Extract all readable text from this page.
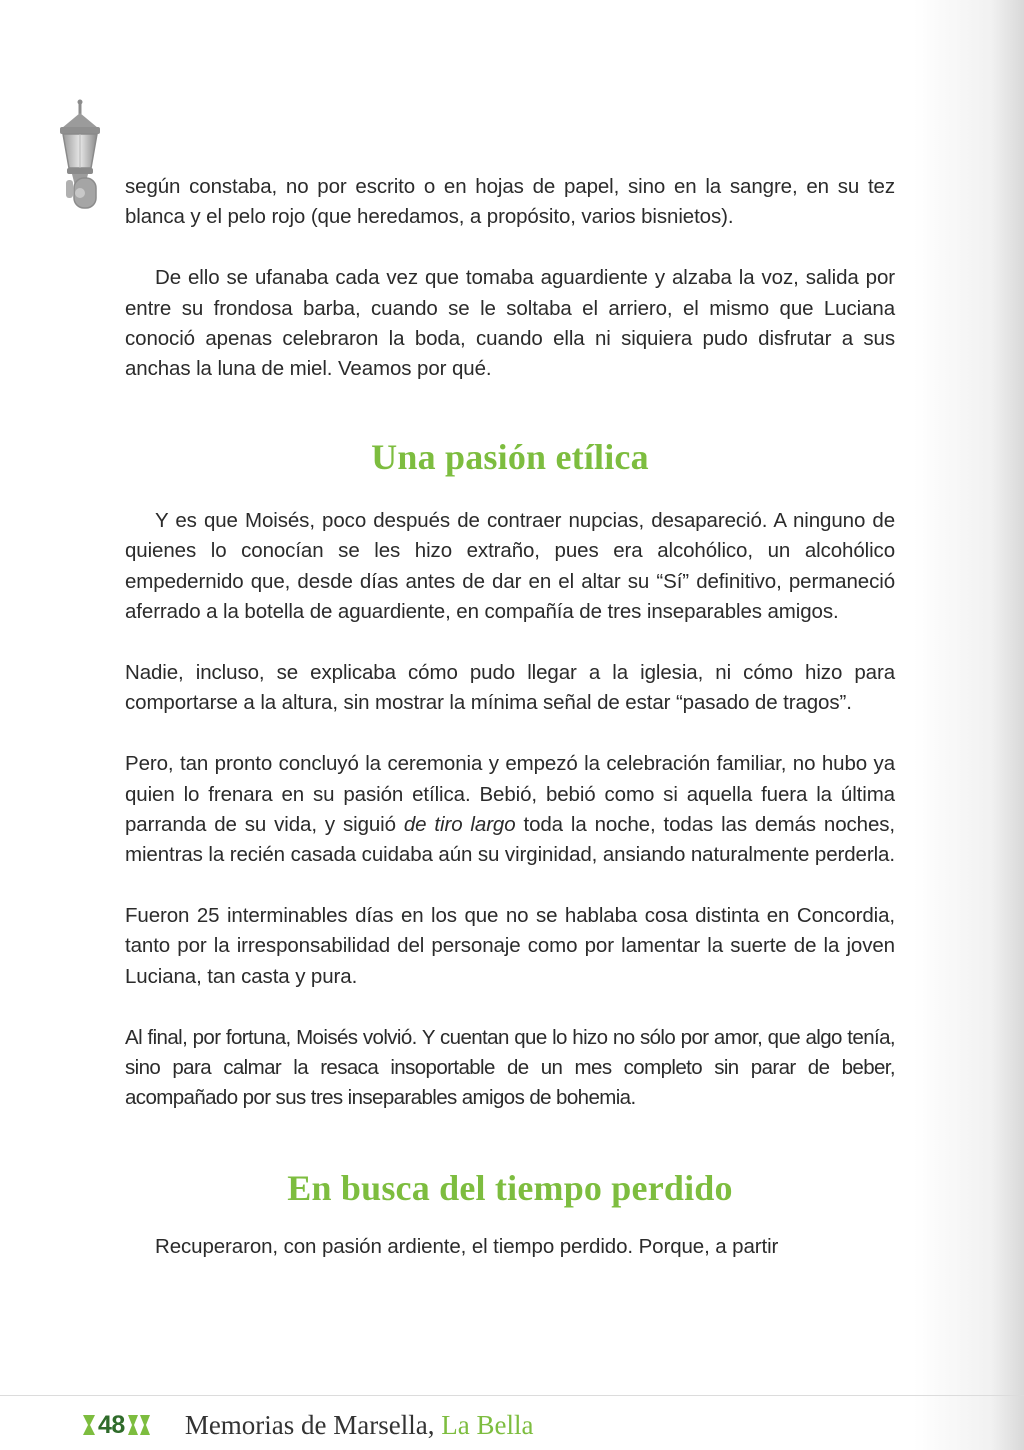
según constaba, no por escrito o en hojas de papel, sino en la sangre, en su tez blanca y el pelo rojo (que heredamos, a propósito, varios bisnietos).

De ello se ufanaba cada vez que tomaba aguardiente y alzaba la voz, salida por entre su frondosa barba, cuando se le soltaba el arriero, el mismo que Luciana conoció apenas celebraron la boda, cuando ella ni siquiera pudo disfrutar a sus anchas la luna de miel. Veamos por qué.

Una pasión etílica

Y es que Moisés, poco después de contraer nupcias, desapareció. A ninguno de quienes lo conocían se les hizo extraño, pues era alcohólico, un alcohólico empedernido que, desde días antes de dar en el altar su “Sí” definitivo, permaneció aferrado a la botella de aguardiente, en compañía de tres inseparables amigos.

Nadie, incluso, se explicaba cómo pudo llegar a la iglesia, ni cómo hizo para comportarse a la altura, sin mostrar la mínima señal de estar “pasado de tragos”.

Pero, tan pronto concluyó la ceremonia y empezó la celebración familiar, no hubo ya quien lo frenara en su pasión etílica. Bebió, bebió como si aquella fuera la última parranda de su vida, y siguió de tiro largo toda la noche, todas las demás noches, mientras la recién casada cuidaba aún su virginidad, ansiando naturalmente perderla.

Fueron 25 interminables días en los que no se hablaba cosa distinta en Concordia, tanto por la irresponsabilidad del personaje como por lamentar la suerte de la joven Luciana, tan casta y pura.

Al final, por fortuna, Moisés volvió. Y cuentan que lo hizo no sólo por amor, que algo tenía, sino para calmar la resaca insoportable de un mes completo sin parar de beber, acompañado por sus tres inseparables amigos de bohemia.

En busca del tiempo perdido

Recuperaron, con pasión ardiente, el tiempo perdido. Porque, a partir

48 Memorias de Marsella, La Bella
